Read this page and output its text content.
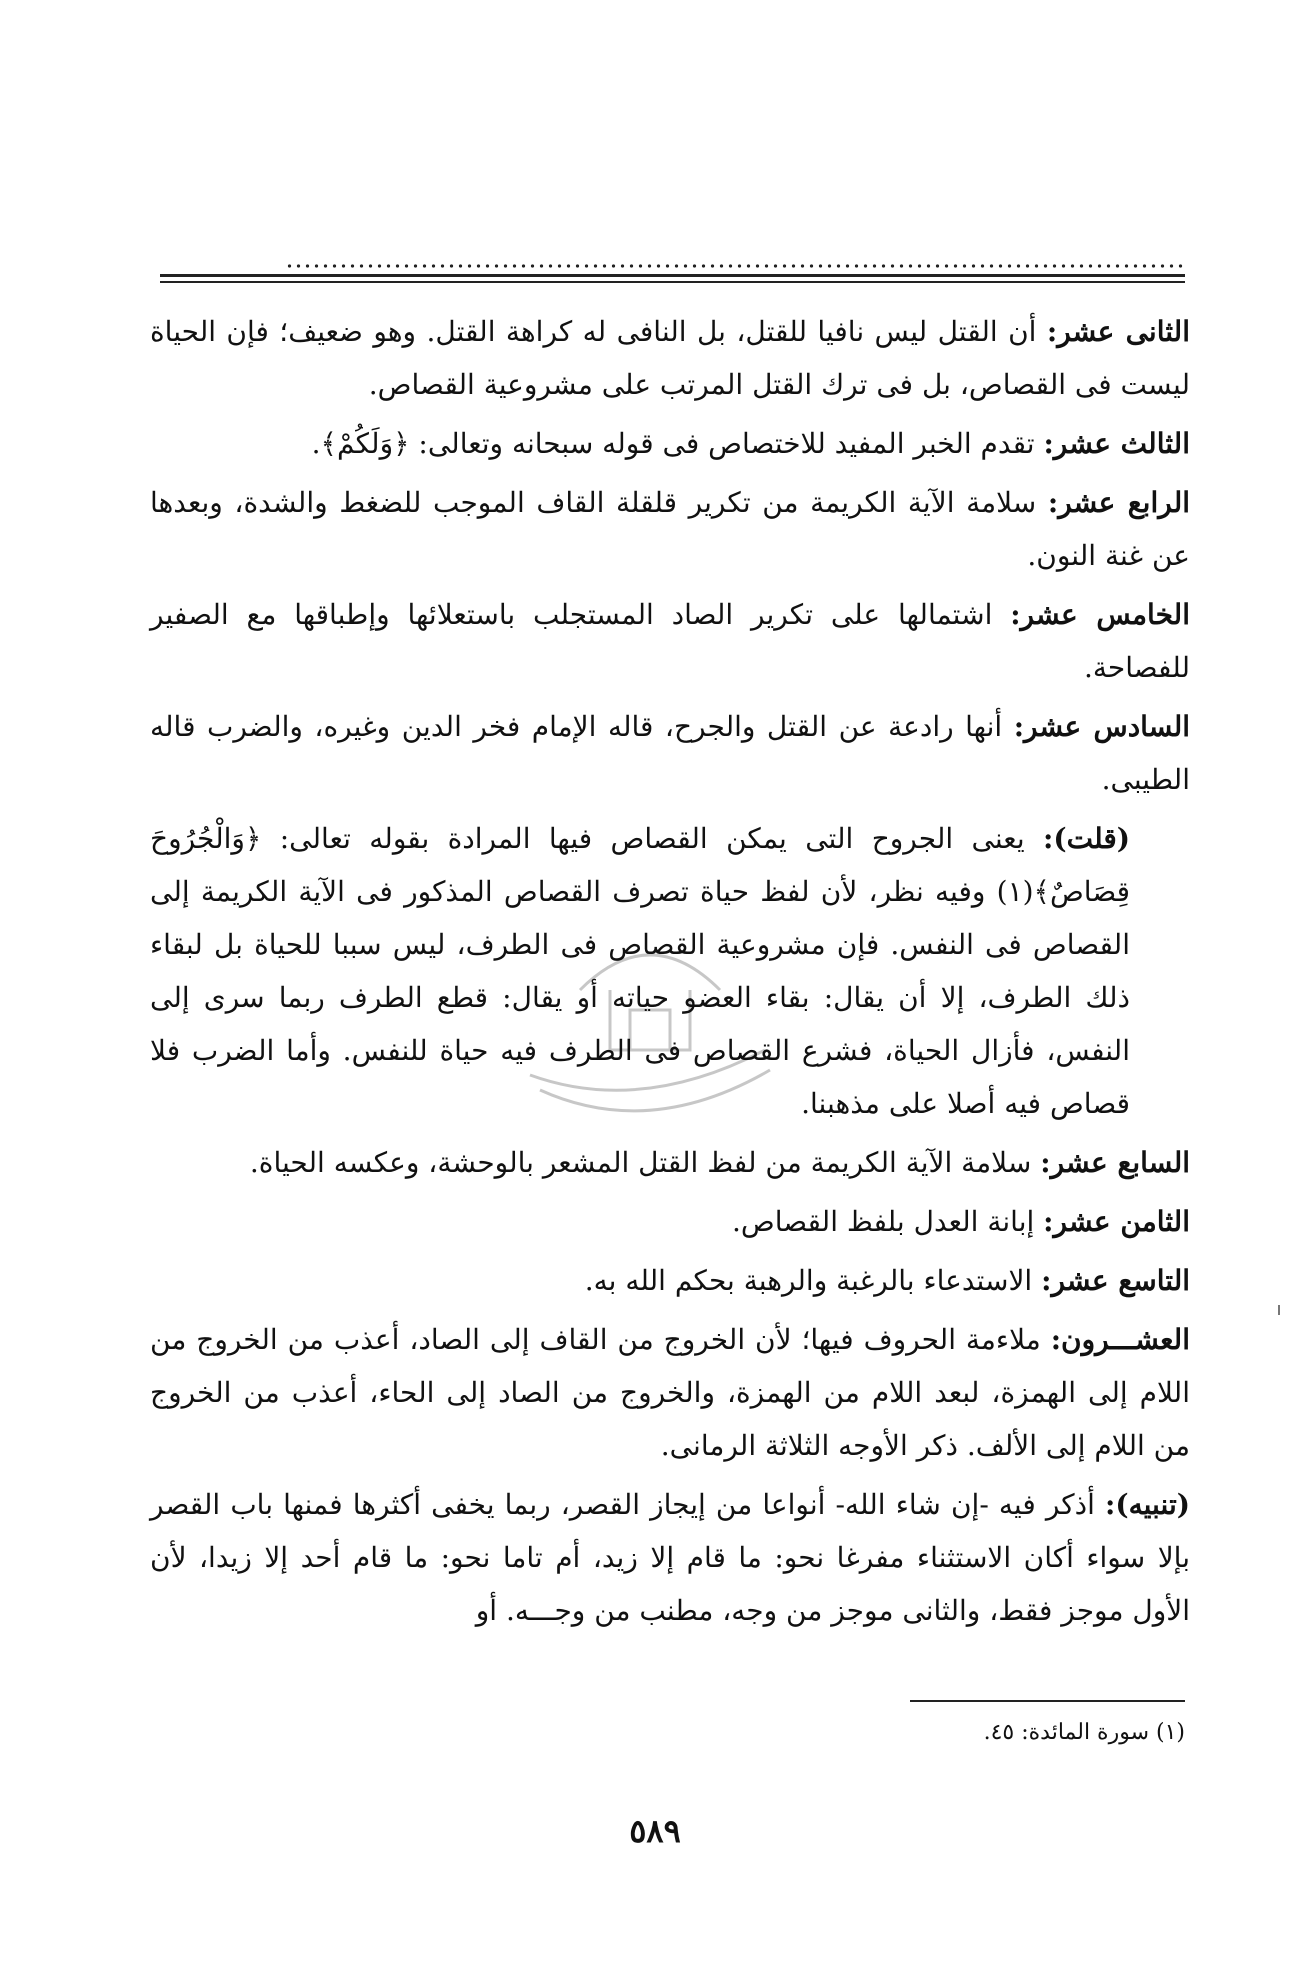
الثانى عشر: أن القتل ليس نافيا للقتل، بل النافى له كراهة القتل. وهو ضعيف؛ فإن الحياة ليست فى القصاص، بل فى ترك القتل المرتب على مشروعية القصاص.
الثالث عشر: تقدم الخبر المفيد للاختصاص فى قوله سبحانه وتعالى: ﴿وَلَكُمْ﴾.
الرابع عشر: سلامة الآية الكريمة من تكرير قلقلة القاف الموجب للضغط والشدة، وبعدها عن غنة النون.
الخامس عشر: اشتمالها على تكرير الصاد المستجلب باستعلائها وإطباقها مع الصفير للفصاحة.
السادس عشر: أنها رادعة عن القتل والجرح، قاله الإمام فخر الدين وغيره، والضرب قاله الطيبى.
(قلت): يعنى الجروح التى يمكن القصاص فيها المرادة بقوله تعالى: ﴿وَالْجُرُوحَ قِصَاصٌ﴾(١) وفيه نظر، لأن لفظ حياة تصرف القصاص المذكور فى الآية الكريمة إلى القصاص فى النفس. فإن مشروعية القصاص فى الطرف، ليس سببا للحياة بل لبقاء ذلك الطرف، إلا أن يقال: بقاء العضو حياته أو يقال: قطع الطرف ربما سرى إلى النفس، فأزال الحياة، فشرع القصاص فى الطرف فيه حياة للنفس. وأما الضرب فلا قصاص فيه أصلا على مذهبنا.
السابع عشر: سلامة الآية الكريمة من لفظ القتل المشعر بالوحشة، وعكسه الحياة.
الثامن عشر: إبانة العدل بلفظ القصاص.
التاسع عشر: الاستدعاء بالرغبة والرهبة بحكم الله به.
العشـــرون: ملاءمة الحروف فيها؛ لأن الخروج من القاف إلى الصاد، أعذب من الخروج من اللام إلى الهمزة، لبعد اللام من الهمزة، والخروج من الصاد إلى الحاء، أعذب من الخروج من اللام إلى الألف. ذكر الأوجه الثلاثة الرمانى.
(تنبيه): أذكر فيه -إن شاء الله- أنواعا من إيجاز القصر، ربما يخفى أكثرها فمنها باب القصر بإلا سواء أكان الاستثناء مفرغا نحو: ما قام إلا زيد، أم تاما نحو: ما قام أحد إلا زيدا، لأن الأول موجز فقط، والثانى موجز من وجه، مطنب من وجـــه. أو
(١) سورة المائدة: ٤٥.
٥٨٩
